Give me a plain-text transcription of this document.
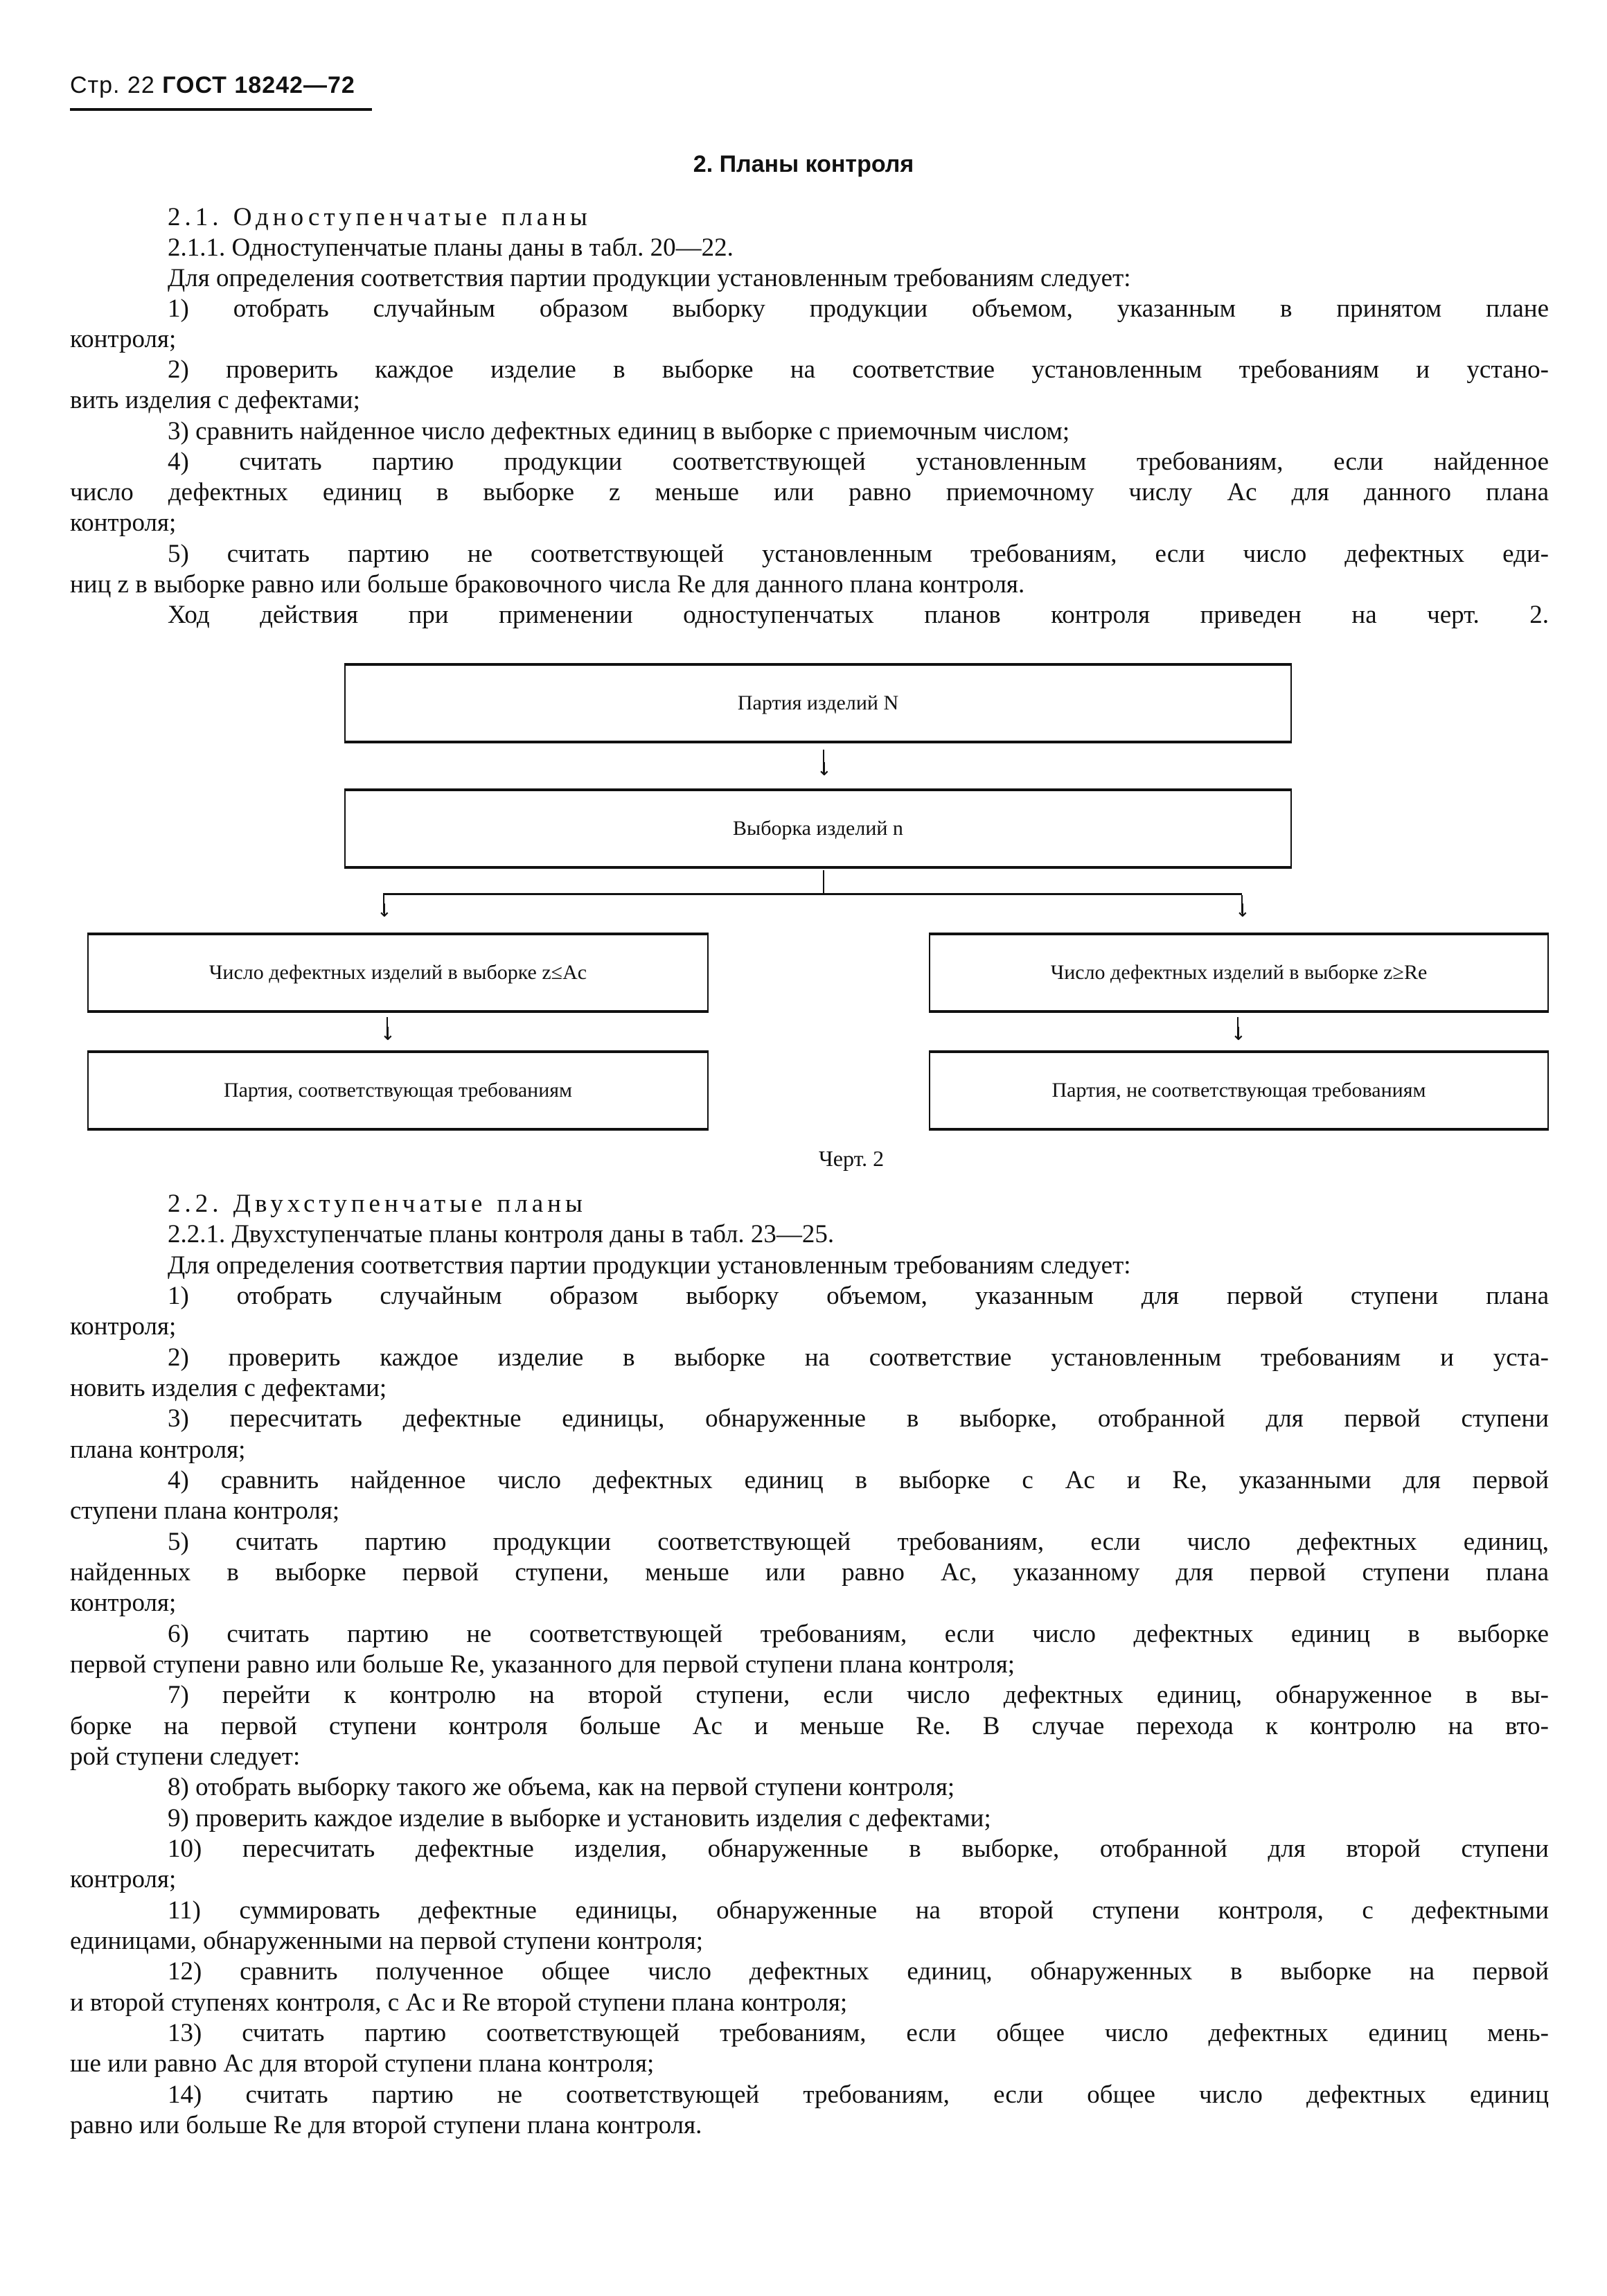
Стр. 22 ГОСТ 18242—72
2. Планы контроля
2.1. Одноступенчатые планы
2.1.1. Одноступенчатые планы даны в табл. 20—22.
Для определения соответствия партии продукции установленным требованиям следует:
1) отобрать случайным образом выборку продукции объемом, указанным в принятом плане
контроля;
2) проверить каждое изделие в выборке на соответствие установленным требованиям и устано-
вить изделия с дефектами;
3) сравнить найденное число дефектных единиц в выборке с приемочным числом;
4) считать партию продукции соответствующей установленным требованиям, если найденное
число дефектных единиц в выборке z меньше или равно приемочному числу Ac для данного плана
контроля;
5) считать партию не соответствующей установленным требованиям, если число дефектных еди-
ниц z в выборке равно или больше браковочного числа Re для данного плана контроля.
Ход действия при применении одноступенчатых планов контроля приведен на черт. 2.
Партия изделий N
↓
Выборка изделий n
↓	↓
Число дефектных изделий в выборке z≤Ac	Число дефектных изделий в выборке z≥Re
↓	↓
Партия, соответствующая требованиям	Партия, не соответствующая требованиям
Черт. 2
2.2. Двухступенчатые планы
2.2.1. Двухступенчатые планы контроля даны в табл. 23—25.
Для определения соответствия партии продукции установленным требованиям следует:
1) отобрать случайным образом выборку объемом, указанным для первой ступени плана
контроля;
2) проверить каждое изделие в выборке на соответствие установленным требованиям и уста-
новить изделия с дефектами;
3) пересчитать дефектные единицы, обнаруженные в выборке, отобранной для первой ступени
плана контроля;
4) сравнить найденное число дефектных единиц в выборке с Ac и Re, указанными для первой
ступени плана контроля;
5) считать партию продукции соответствующей требованиям, если число дефектных единиц,
найденных в выборке первой ступени, меньше или равно Ac, указанному для первой ступени плана
контроля;
6) считать партию не соответствующей требованиям, если число дефектных единиц в выборке
первой ступени равно или больше Re, указанного для первой ступени плана контроля;
7) перейти к контролю на второй ступени, если число дефектных единиц, обнаруженное в вы-
борке на первой ступени контроля больше Ac и меньше Re. В случае перехода к контролю на вто-
рой ступени следует:
8) отобрать выборку такого же объема, как на первой ступени контроля;
9) проверить каждое изделие в выборке и установить изделия с дефектами;
10) пересчитать дефектные изделия, обнаруженные в выборке, отобранной для второй ступени
контроля;
11) суммировать дефектные единицы, обнаруженные на второй ступени контроля, с дефектными
единицами, обнаруженными на первой ступени контроля;
12) сравнить полученное общее число дефектных единиц, обнаруженных в выборке на первой
и второй ступенях контроля, с Ac и Re второй ступени плана контроля;
13) считать партию соответствующей требованиям, если общее число дефектных единиц мень-
ше или равно Ac для второй ступени плана контроля;
14) считать партию не соответствующей требованиям, если общее число дефектных единиц
равно или больше Re для второй ступени плана контроля.
